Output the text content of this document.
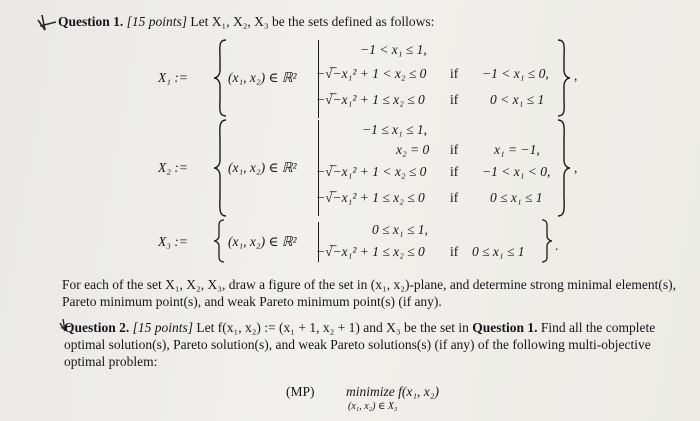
Question 1. [15 points] Let X₁, X₂, X₃ be the sets defined as follows:
X₁ :=	(x₁, x₂) ∈ ℝ²
−1 < x₁ ≤ 1,
−√̅−x₁² + 1 < x₂ ≤ 0 if −1 < x₁ ≤ 0,
−√̅−x₁² + 1 ≤ x₂ ≤ 0 if 0 < x₁ ≤ 1
,
X₂ :=	(x₁, x₂) ∈ ℝ²
−1 ≤ x₁ ≤ 1,
x₂ = 0 if	x₁ = −1,
−√̅−x₁² + 1 < x₂ ≤ 0 if −1 < x₁ < 0,
−√̅−x₁² + 1 ≤ x₂ ≤ 0 if 0 ≤ x₁ ≤ 1
,
X₃ :=	(x₁, x₂) ∈ ℝ²
0 ≤ x₁ ≤ 1,
−√̅−x₁² + 1 ≤ x₂ ≤ 0 if 0 ≤ x₁ ≤ 1 .
For each of the set X₁, X₂, X₃, draw a figure of the set in (x₁, x₂)-plane, and determine strong minimal element(s), Pareto minimum point(s), and weak Pareto minimum point(s) (if any).
Question 2. [15 points] Let f(x₁, x₂) := (x₁ + 1, x₂ + 1) and X₃ be the set in Question 1. Find all the complete optimal solution(s), Pareto solution(s), and weak Pareto solutions(s) (if any) of the following multi-objective optimal problem:
(MP) minimize f(x₁, x₂)
(x₁, x₂) ∈ X₃
